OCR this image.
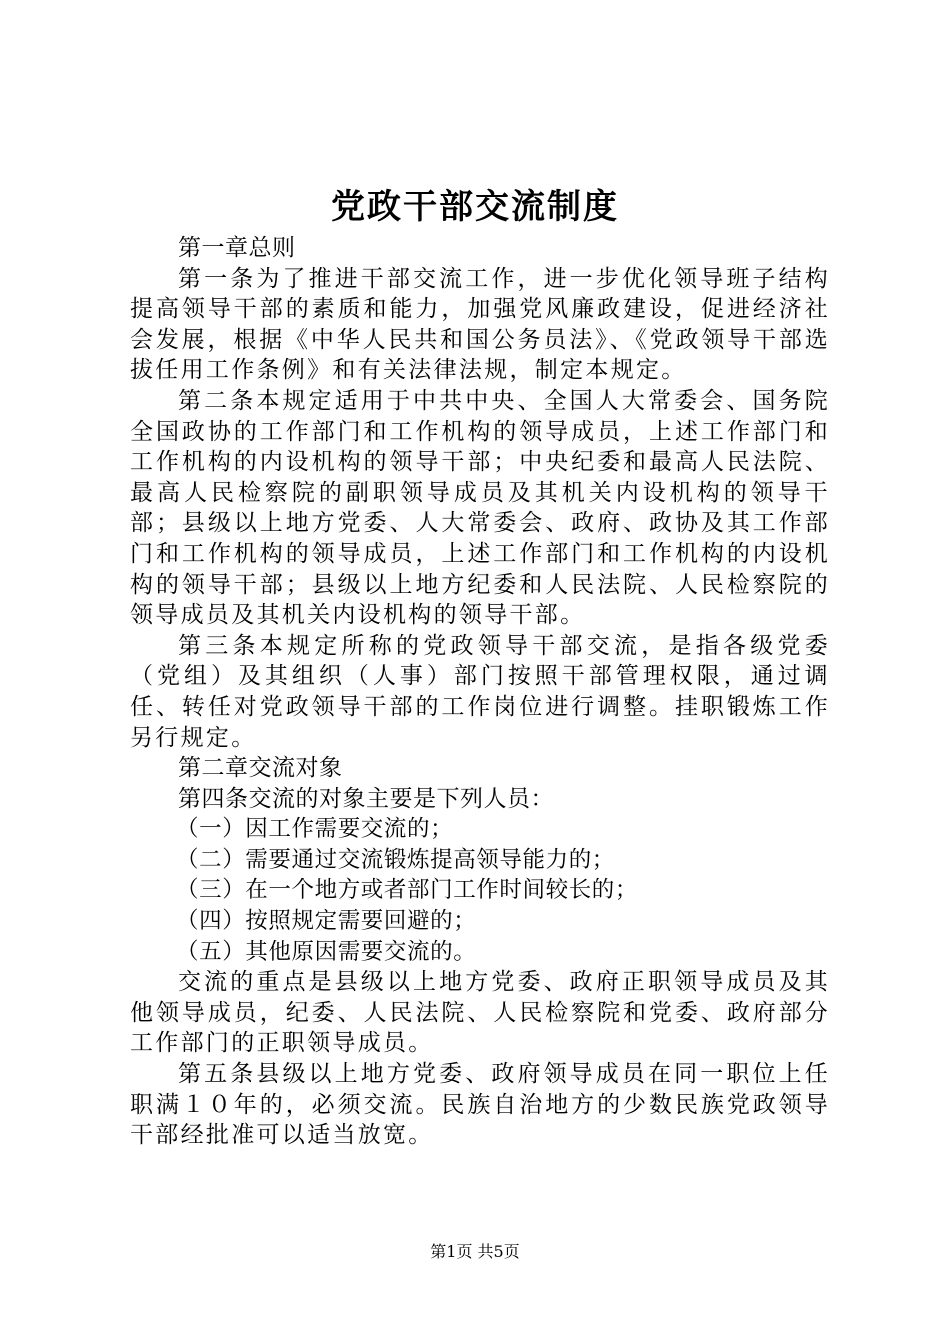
党政干部交流制度

第一章总则

第一条为了推进干部交流工作，进一步优化领导班子结构提高领导干部的素质和能力，加强党风廉政建设，促进经济社会发展，根据《中华人民共和国公务员法》、《党政领导干部选拔任用工作条例》和有关法律法规，制定本规定。

第二条本规定适用于中共中央、全国人大常委会、国务院全国政协的工作部门和工作机构的领导成员，上述工作部门和工作机构的内设机构的领导干部；中央纪委和最高人民法院、最高人民检察院的副职领导成员及其机关内设机构的领导干部；县级以上地方党委、人大常委会、政府、政协及其工作部门和工作机构的领导成员，上述工作部门和工作机构的内设机构的领导干部；县级以上地方纪委和人民法院、人民检察院的领导成员及其机关内设机构的领导干部。

第三条本规定所称的党政领导干部交流，是指各级党委（党组）及其组织（人事）部门按照干部管理权限，通过调任、转任对党政领导干部的工作岗位进行调整。挂职锻炼工作另行规定。

第二章交流对象

第四条交流的对象主要是下列人员：

（一）因工作需要交流的；

（二）需要通过交流锻炼提高领导能力的；

（三）在一个地方或者部门工作时间较长的；

（四）按照规定需要回避的；

（五）其他原因需要交流的。

交流的重点是县级以上地方党委、政府正职领导成员及其他领导成员，纪委、人民法院、人民检察院和党委、政府部分工作部门的正职领导成员。

第五条县级以上地方党委、政府领导成员在同一职位上任职满１０年的，必须交流。民族自治地方的少数民族党政领导干部经批准可以适当放宽。

第1页 共5页
